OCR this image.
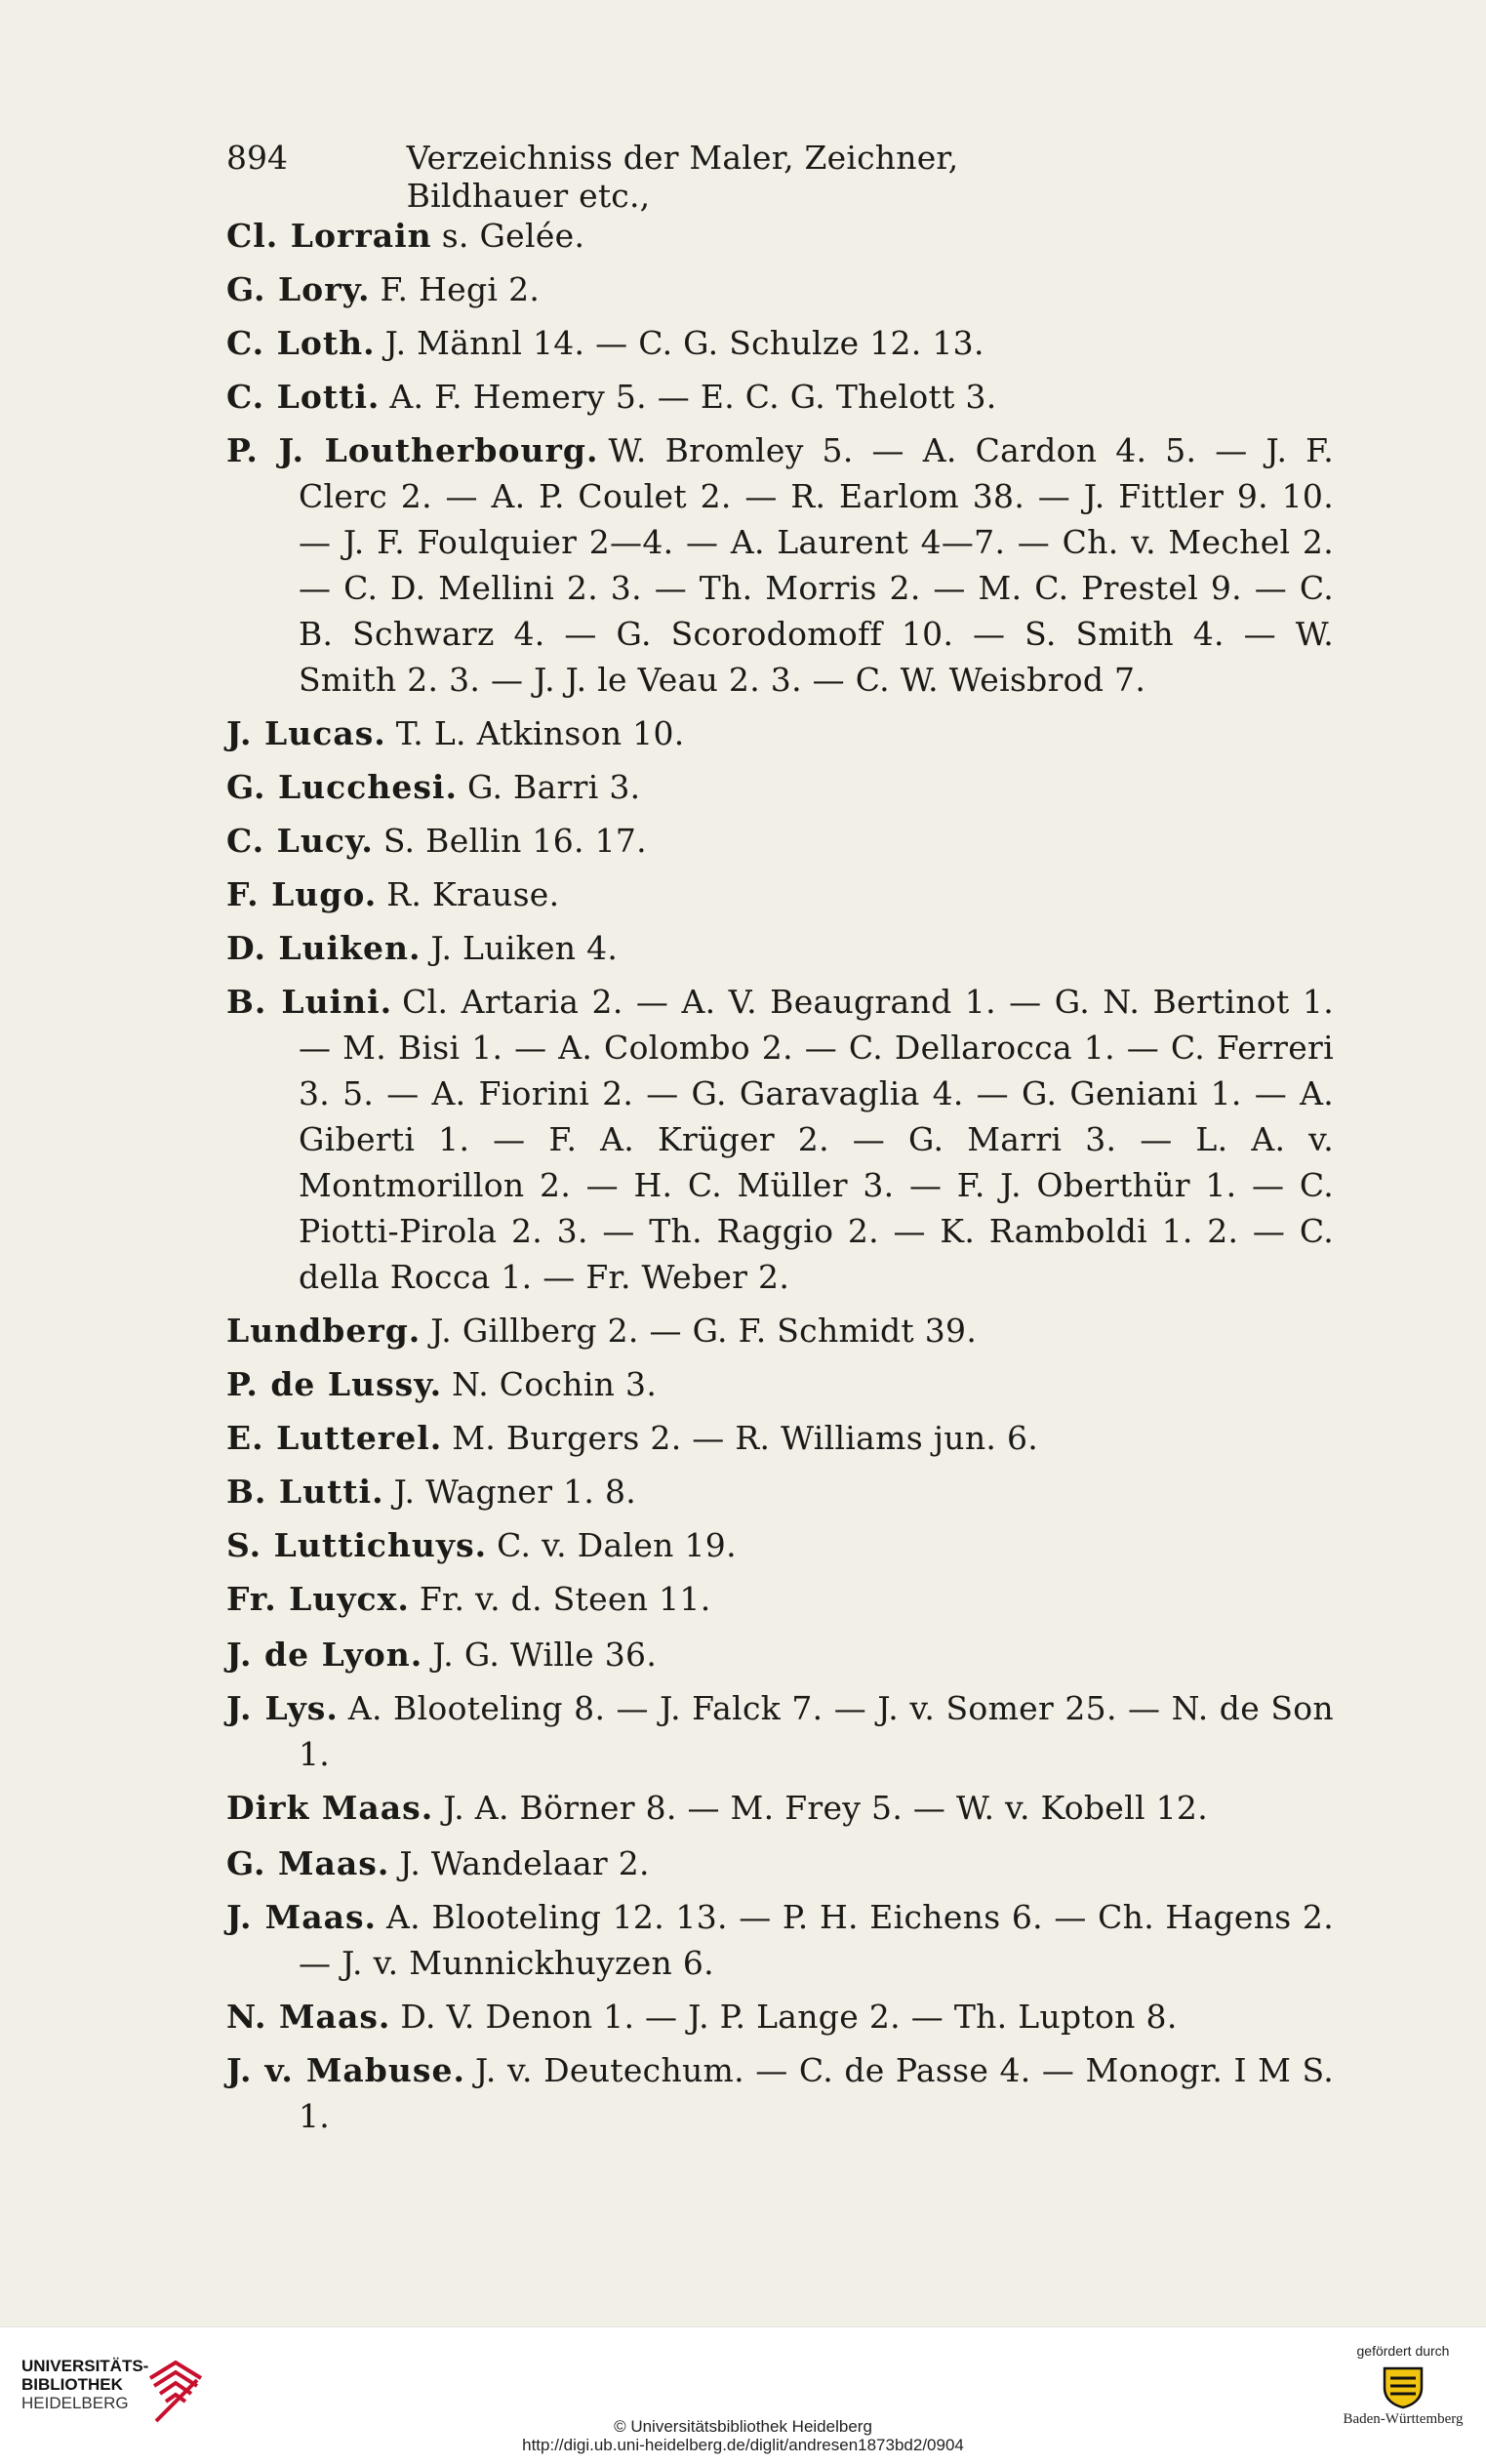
894	Verzeichniss der Maler, Zeichner, Bildhauer etc.,
Cl. Lorrain s. Gelée.
G. Lory. F. Hegi 2.
C. Loth. J. Männl 14. — C. G. Schulze 12. 13.
C. Lotti. A. F. Hemery 5. — E. C. G. Thelott 3.
P. J. Loutherbourg. W. Bromley 5. — A. Cardon 4. 5. — J. F. Clerc 2. — A. P. Coulet 2. — R. Earlom 38. — J. Fittler 9. 10. — J. F. Foulquier 2—4. — A. Laurent 4—7. — Ch. v. Mechel 2. — C. D. Mellini 2. 3. — Th. Morris 2. — M. C. Prestel 9. — C. B. Schwarz 4. — G. Scorodomoff 10. — S. Smith 4. — W. Smith 2. 3. — J. J. le Veau 2. 3. — C. W. Weisbrod 7.
J. Lucas. T. L. Atkinson 10.
G. Lucchesi. G. Barri 3.
C. Lucy. S. Bellin 16. 17.
F. Lugo. R. Krause.
D. Luiken. J. Luiken 4.
B. Luini. Cl. Artaria 2. — A. V. Beaugrand 1. — G. N. Bertinot 1. — M. Bisi 1. — A. Colombo 2. — C. Dellarocca 1. — C. Ferreri 3. 5. — A. Fiorini 2. — G. Garavaglia 4. — G. Geniani 1. — A. Giberti 1. — F. A. Krüger 2. — G. Marri 3. — L. A. v. Montmorillon 2. — H. C. Müller 3. — F. J. Oberthür 1. — C. Piotti-Pirola 2. 3. — Th. Raggio 2. — K. Ramboldi 1. 2. — C. della Rocca 1. — Fr. Weber 2.
Lundberg. J. Gillberg 2. — G. F. Schmidt 39.
P. de Lussy. N. Cochin 3.
E. Lutterel. M. Burgers 2. — R. Williams jun. 6.
B. Lutti. J. Wagner 1. 8.
S. Luttichuys. C. v. Dalen 19.
Fr. Luycx. Fr. v. d. Steen 11.
J. de Lyon. J. G. Wille 36.
J. Lys. A. Blooteling 8. — J. Falck 7. — J. v. Somer 25. — N. de Son 1.
Dirk Maas. J. A. Börner 8. — M. Frey 5. — W. v. Kobell 12.
G. Maas. J. Wandelaar 2.
J. Maas. A. Blooteling 12. 13. — P. H. Eichens 6. — Ch. Hagens 2. — J. v. Munnickhuyzen 6.
N. Maas. D. V. Denon 1. — J. P. Lange 2. — Th. Lupton 8.
J. v. Mabuse. J. v. Deutechum. — C. de Passe 4. — Monogr. I M S. 1.
UNIVERSITÄTS-
BIBLIOTHEK
HEIDELBERG
© Universitätsbibliothek Heidelberg
http://digi.ub.uni-heidelberg.de/diglit/andresen1873bd2/0904
gefördert durch
Baden-Württemberg
